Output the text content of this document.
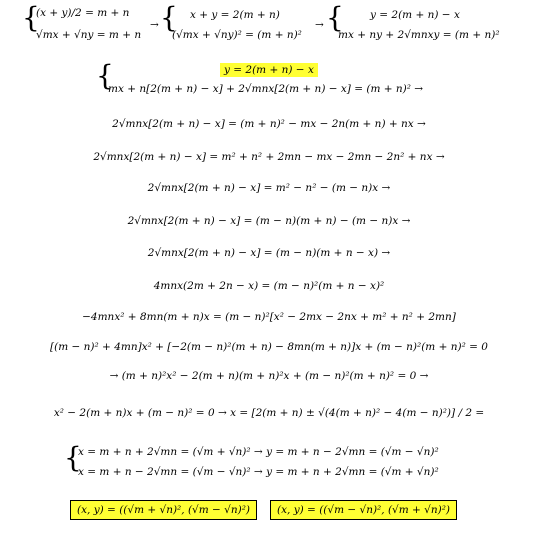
{
(x + y)/2 = m + n
√mx + √ny = m + n
→ { x + y = 2(m + n)
(√mx + √ny)² = (m + n)²
→ { y = 2(m + n) − x
mx + ny + 2√mnxy = (m + n)²
{	y = 2(m + n) − x
mx + n[2(m + n) − x] + 2√mnx[2(m + n) − x] = (m + n)² →
2√mnx[2(m + n) − x] = (m + n)² − mx − 2n(m + n) + nx →
2√mnx[2(m + n) − x] = m² + n² + 2mn − mx − 2mn − 2n² + nx →
2√mnx[2(m + n) − x] = m² − n² − (m − n)x →
2√mnx[2(m + n) − x] = (m − n)(m + n) − (m − n)x →
2√mnx[2(m + n) − x] = (m − n)(m + n − x) →
4mnx(2m + 2n − x) = (m − n)²(m + n − x)²
−4mnx² + 8mn(m + n)x = (m − n)²[x² − 2mx − 2nx + m² + n² + 2mn]
[(m − n)² + 4mn]x² + [−2(m − n)²(m + n) − 8mn(m + n)]x + (m − n)²(m + n)² = 0
→ (m + n)²x² − 2(m + n)(m + n)²x + (m − n)²(m + n)² = 0 →
x² − 2(m + n)x + (m − n)² = 0 → x = [2(m + n) ± √(4(m + n)² − 4(m − n)²)] / 2 =
{
x = m + n + 2√mn = (√m + √n)² → y = m + n − 2√mn = (√m − √n)²
x = m + n − 2√mn = (√m − √n)² → y = m + n + 2√mn = (√m + √n)²
(x, y) = ((√m + √n)², (√m − √n)²)	(x, y) = ((√m − √n)², (√m + √n)²)
